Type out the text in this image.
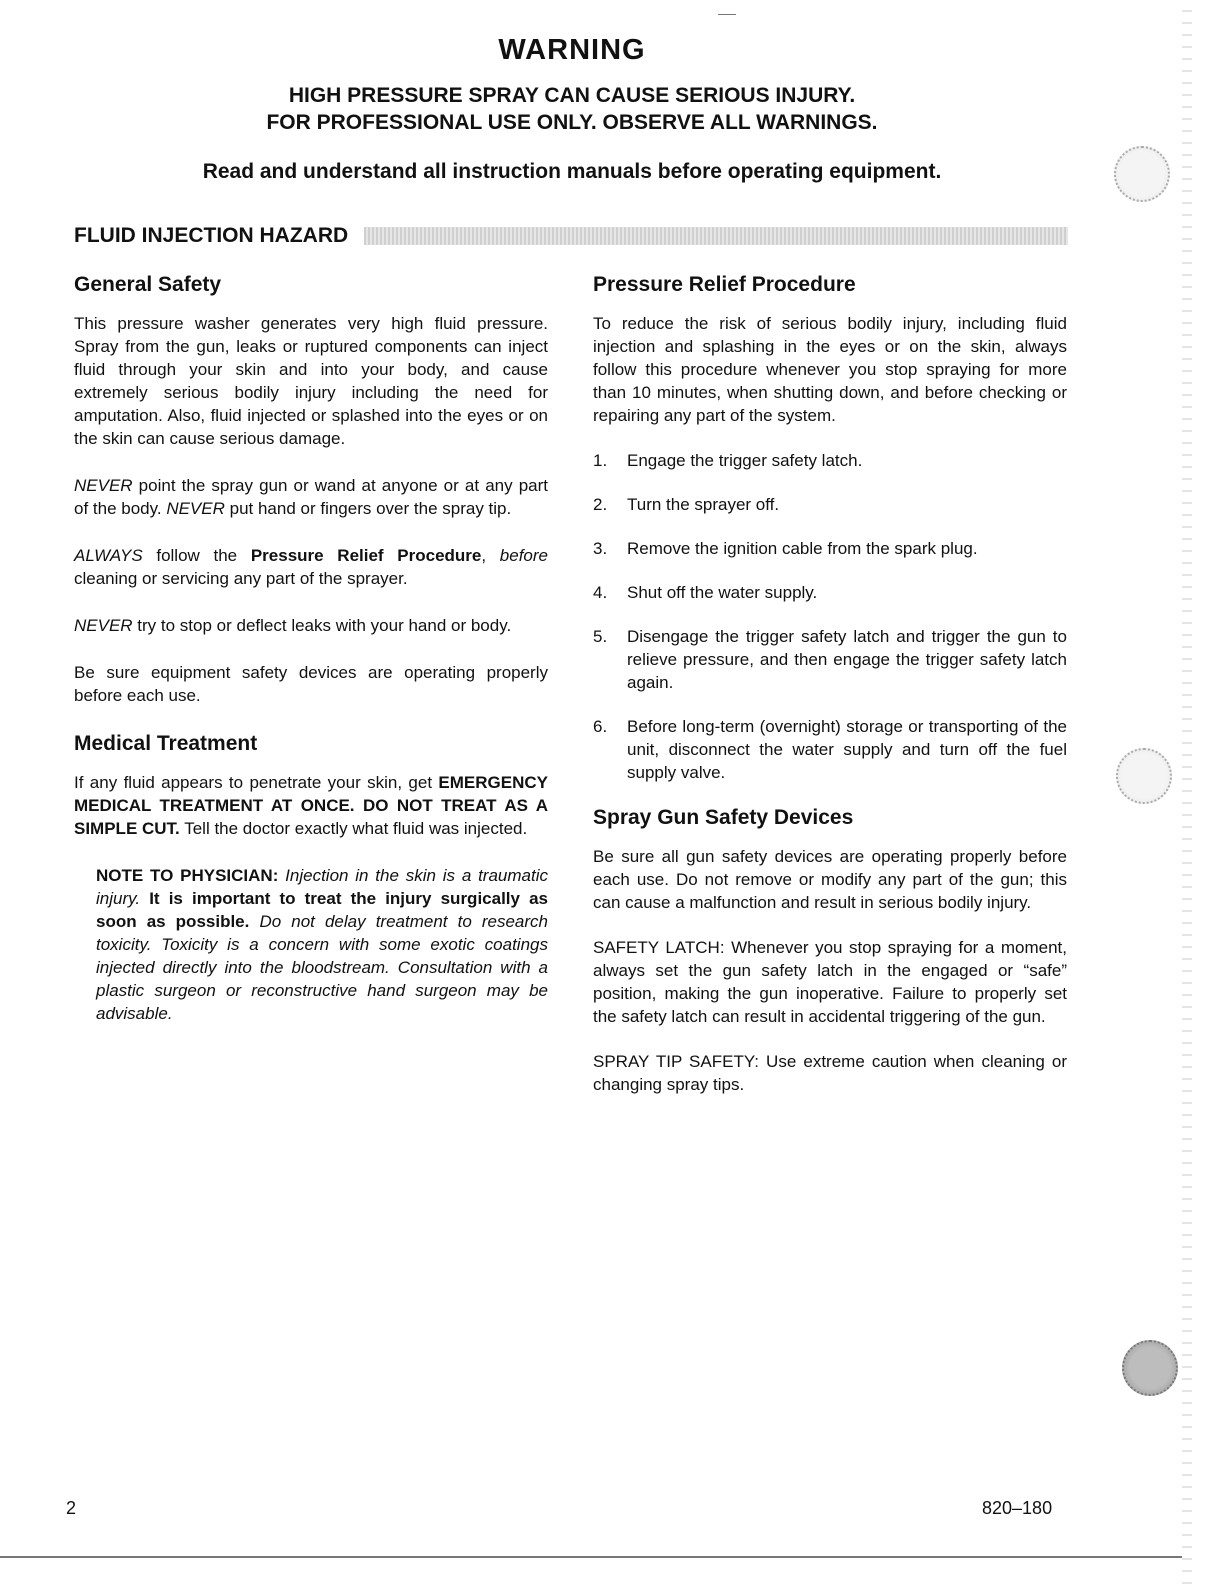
WARNING
HIGH PRESSURE SPRAY CAN CAUSE SERIOUS INJURY.
FOR PROFESSIONAL USE ONLY. OBSERVE ALL WARNINGS.
Read and understand all instruction manuals before operating equipment.
FLUID INJECTION HAZARD
General Safety

This pressure washer generates very high fluid pressure. Spray from the gun, leaks or ruptured components can inject fluid through your skin and into your body, and cause extremely serious bodily injury including the need for amputation. Also, fluid injected or splashed into the eyes or on the skin can cause serious damage.

NEVER point the spray gun or wand at anyone or at any part of the body. NEVER put hand or fingers over the spray tip.

ALWAYS follow the Pressure Relief Procedure, before cleaning or servicing any part of the sprayer.

NEVER try to stop or deflect leaks with your hand or body.

Be sure equipment safety devices are operating properly before each use.

Medical Treatment

If any fluid appears to penetrate your skin, get EMERGENCY MEDICAL TREATMENT AT ONCE. DO NOT TREAT AS A SIMPLE CUT. Tell the doctor exactly what fluid was injected.

NOTE TO PHYSICIAN: Injection in the skin is a traumatic injury. It is important to treat the injury surgically as soon as possible. Do not delay treatment to research toxicity. Toxicity is a concern with some exotic coatings injected directly into the bloodstream. Consultation with a plastic surgeon or reconstructive hand surgeon may be advisable.
Pressure Relief Procedure

To reduce the risk of serious bodily injury, including fluid injection and splashing in the eyes or on the skin, always follow this procedure whenever you stop spraying for more than 10 minutes, when shutting down, and before checking or repairing any part of the system.

1.	Engage the trigger safety latch.
2.	Turn the sprayer off.
3.	Remove the ignition cable from the spark plug.
4.	Shut off the water supply.
5.	Disengage the trigger safety latch and trigger the gun to relieve pressure, and then engage the trigger safety latch again.
6.	Before long-term (overnight) storage or transporting of the unit, disconnect the water supply and turn off the fuel supply valve.
Spray Gun Safety Devices

Be sure all gun safety devices are operating properly before each use. Do not remove or modify any part of the gun; this can cause a malfunction and result in serious bodily injury.

SAFETY LATCH: Whenever you stop spraying for a moment, always set the gun safety latch in the engaged or “safe” position, making the gun inoperative. Failure to properly set the safety latch can result in accidental triggering of the gun.

SPRAY TIP SAFETY: Use extreme caution when cleaning or changing spray tips.

2	820–180
